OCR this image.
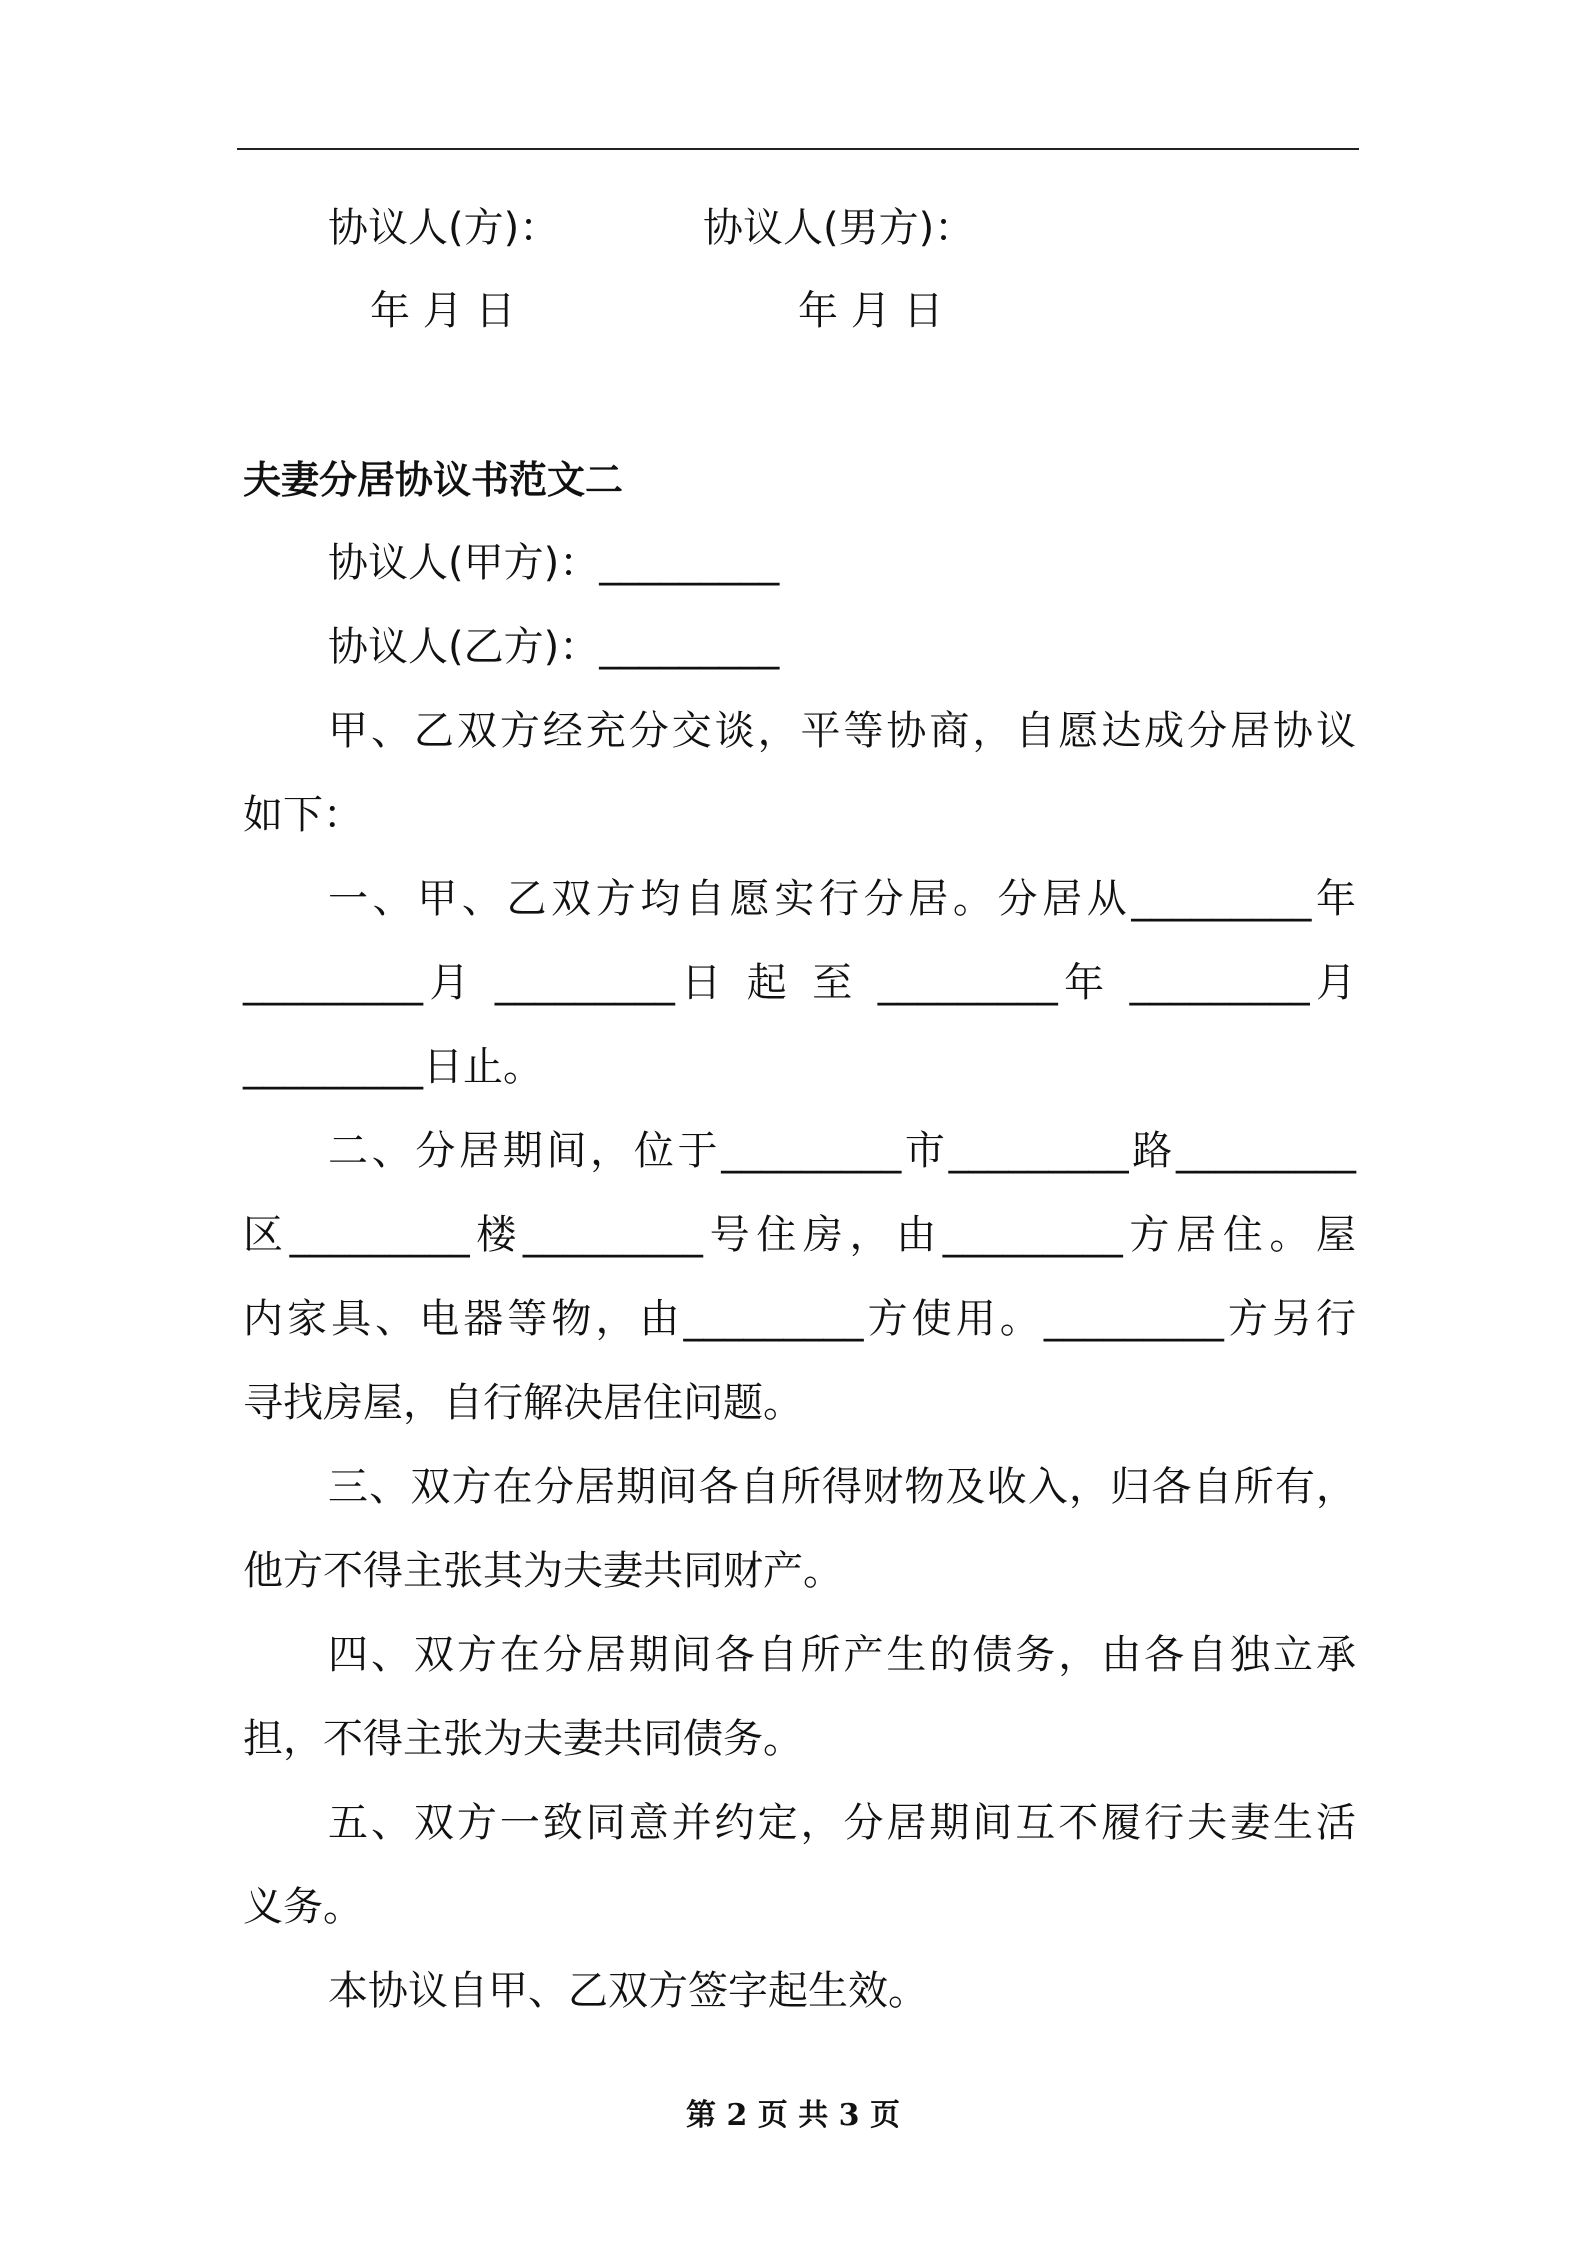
协议人(方)：	协议人(男方)：
年 月 日	年 月 日
夫妻分居协议书范文二
协议人(甲方)：_________
协议人(乙方)：_________
甲、乙双方经充分交谈，平等协商，自愿达成分居协议
如下：
一、甲、乙双方均自愿实行分居。分居从_________年
_________月 _________日 起 至 _________年 _________月
_________日止。
二、分居期间，位于_________市_________路_________
区_________楼_________号住房，由_________方居住。屋
内家具、电器等物，由_________方使用。_________方另行
寻找房屋，自行解决居住问题。
三、双方在分居期间各自所得财物及收入，归各自所有，
他方不得主张其为夫妻共同财产。
四、双方在分居期间各自所产生的债务，由各自独立承
担，不得主张为夫妻共同债务。
五、双方一致同意并约定，分居期间互不履行夫妻生活
义务。
本协议自甲、乙双方签字起生效。
第 2 页 共 3 页
